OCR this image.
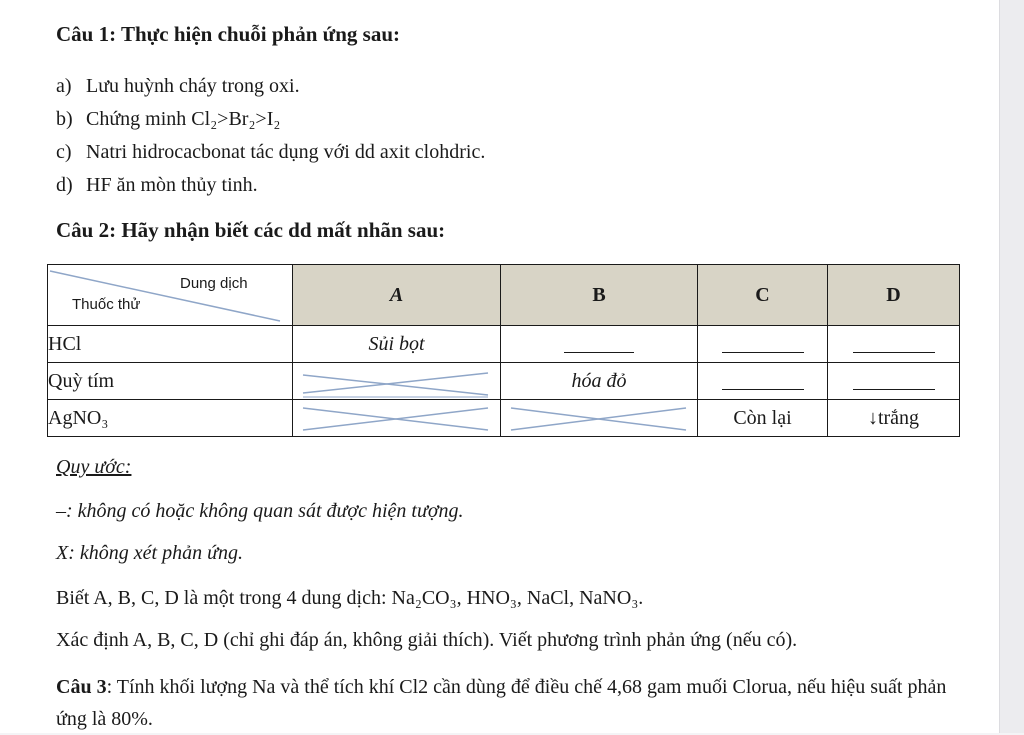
Câu 1: Thực hiện chuỗi phản ứng sau:
a) Lưu huỳnh cháy trong oxi.
b) Chứng minh Cl₂>Br₂>I₂
c) Natri hidrocacbonat tác dụng với dd axit clohdric.
d) HF ăn mòn thủy tinh.
Câu 2: Hãy nhận biết các dd mất nhãn sau:
Dung dịch
Thuốc thử	A	B	C	D
HCl	Sủi bọt			
Quỳ tím		hóa đỏ		
AgNO₃			Còn lại	↓trắng
Quy ước:
–: không có hoặc không quan sát được hiện tượng.
X: không xét phản ứng.
Biết A, B, C, D là một trong 4 dung dịch: Na₂CO₃, HNO₃, NaCl, NaNO₃.
Xác định A, B, C, D (chỉ ghi đáp án, không giải thích). Viết phương trình phản ứng (nếu có).
Câu 3: Tính khối lượng Na và thể tích khí Cl2 cần dùng để điều chế 4,68 gam muối Clorua, nếu hiệu suất phản ứng là 80%.
